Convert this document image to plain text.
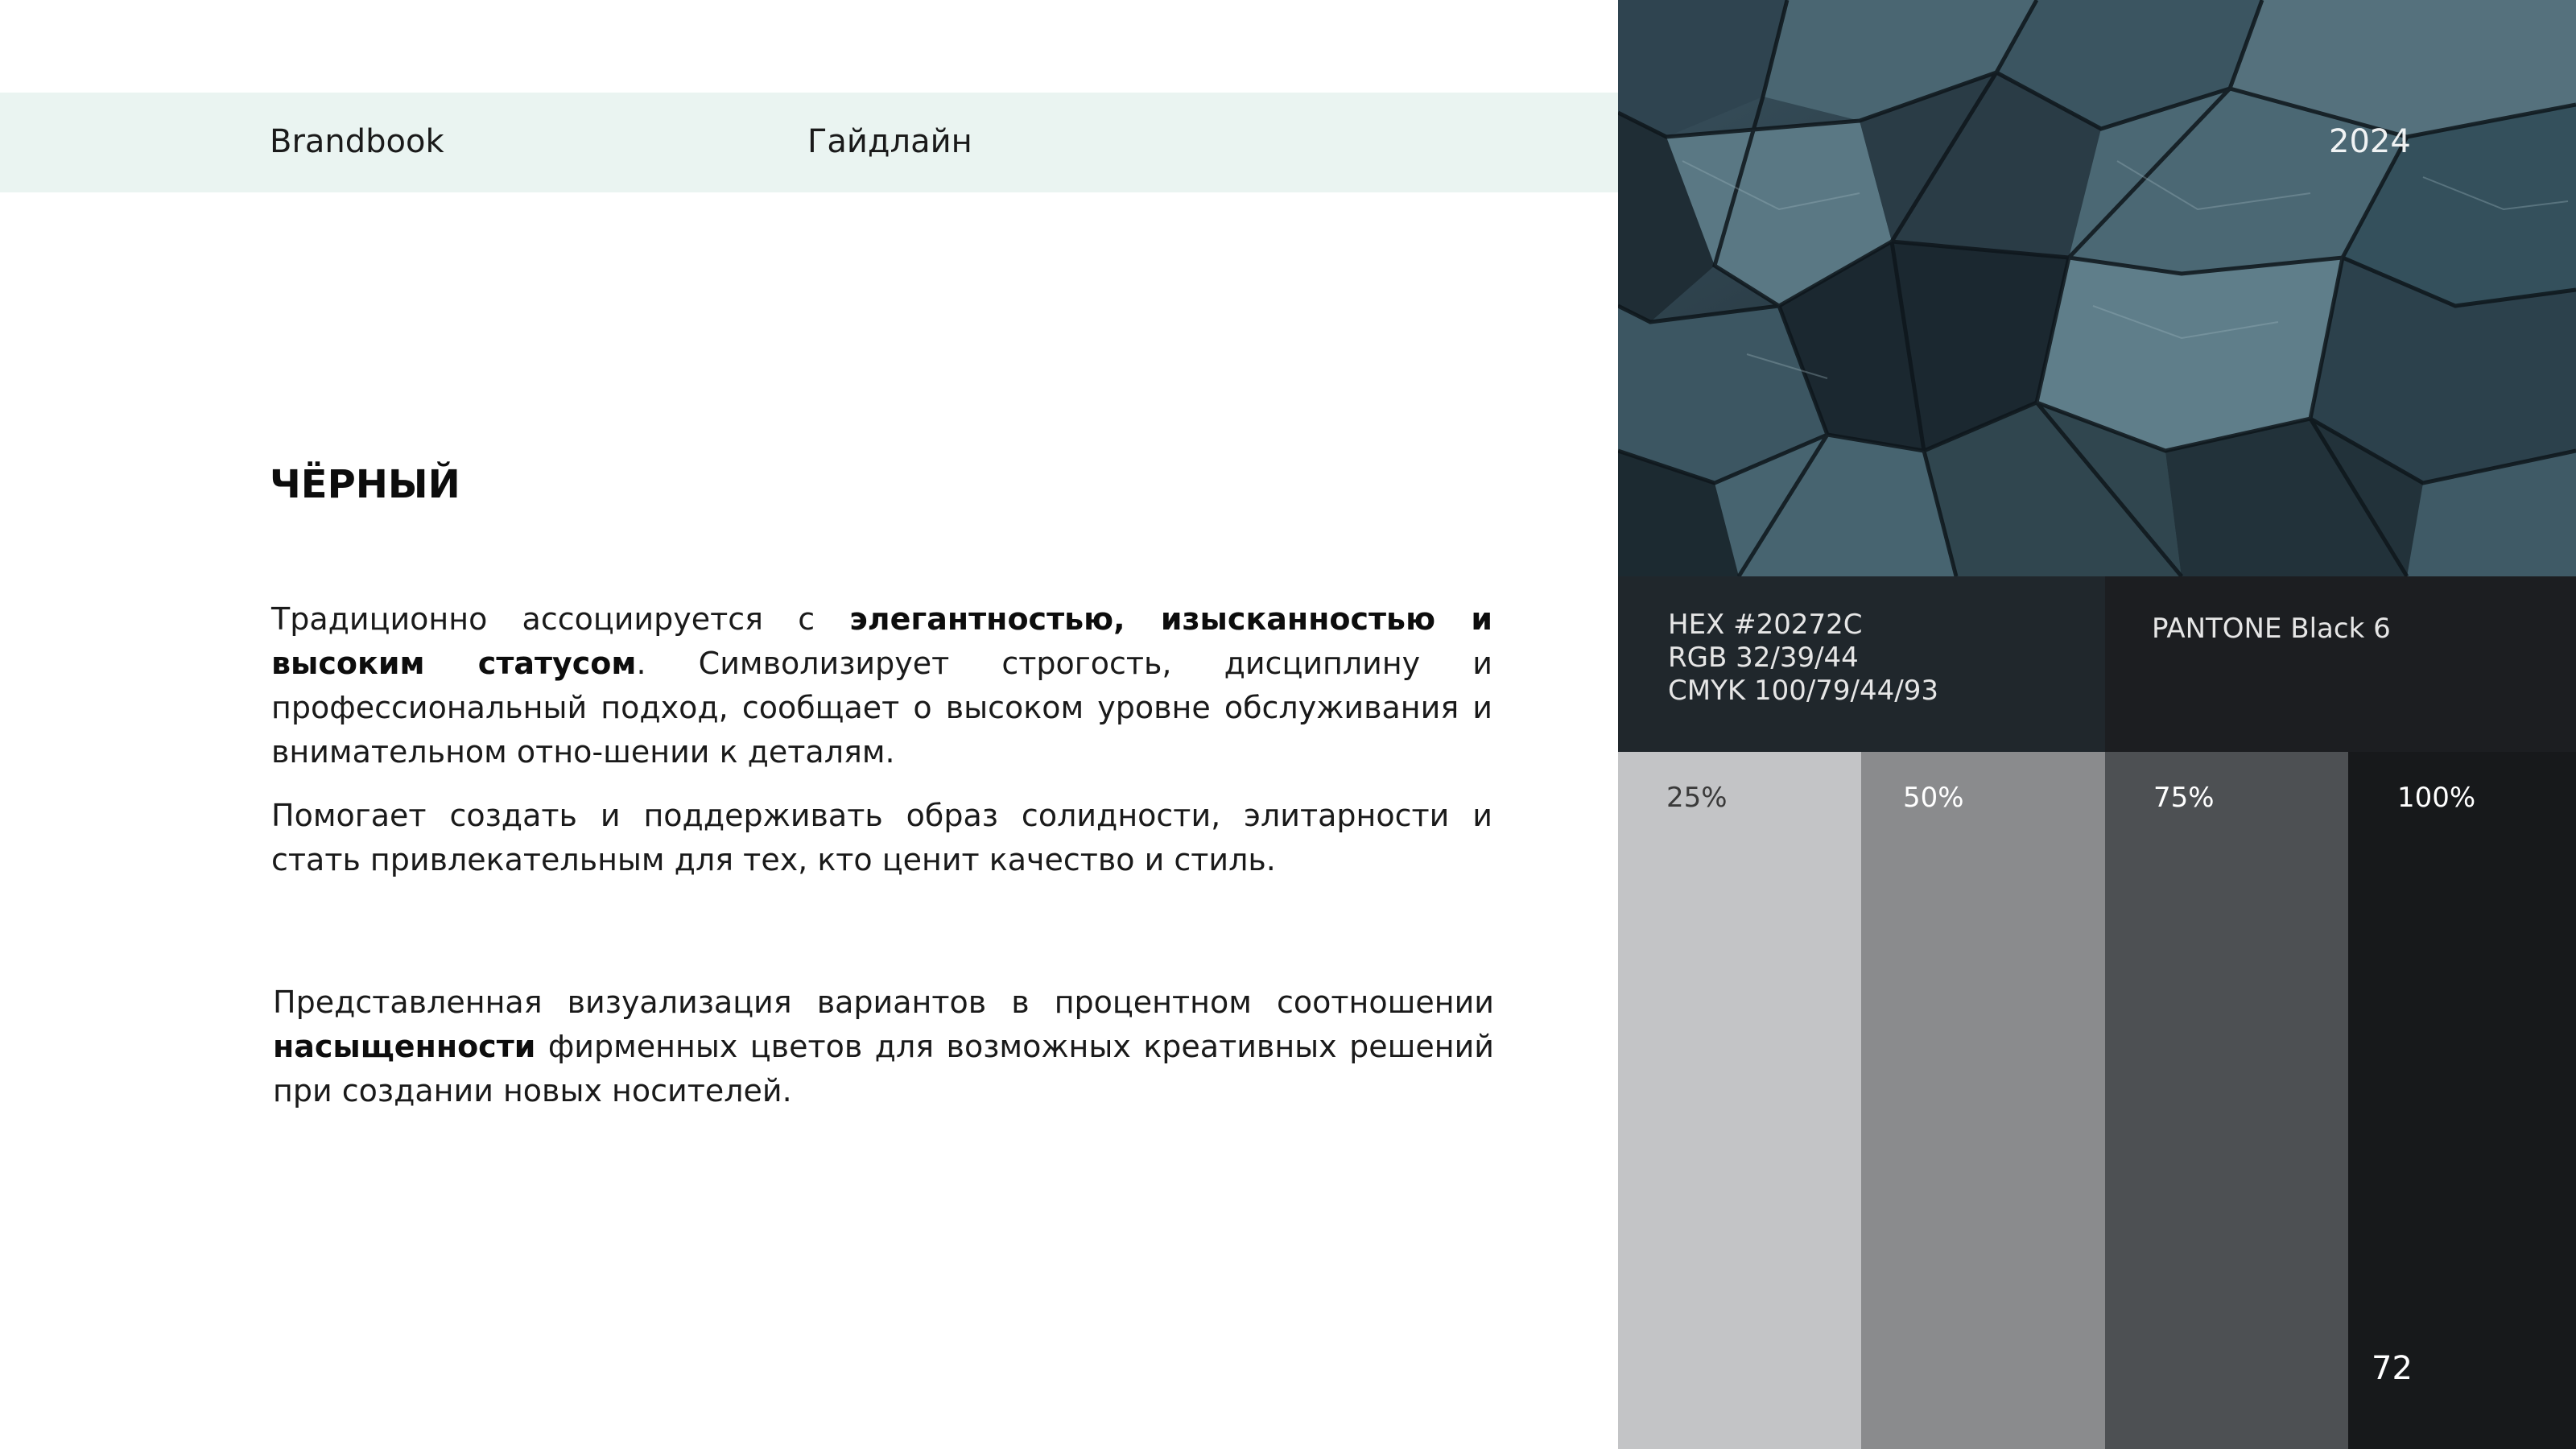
Brandbook	Гайдлайн
ЧЁРНЫЙ
Традиционно ассоциируется с элегантностью, изысканностью и высоким статусом. Символизирует строгость, дисциплину и профессиональный подход, сообщает о высоком уровне обслуживания и внимательном отно-шении к деталям.
Помогает создать и поддерживать образ солидности, элитарности и стать привлекательным для тех, кто ценит качество и стиль.
Представленная визуализация вариантов в процентном соотношении насыщенности фирменных цветов для возможных креативных решений при создании новых носителей.
2024
HEX #20272C
RGB 32/39/44
CMYK 100/79/44/93
PANTONE Black 6
25%	50%	75%	100%
72
